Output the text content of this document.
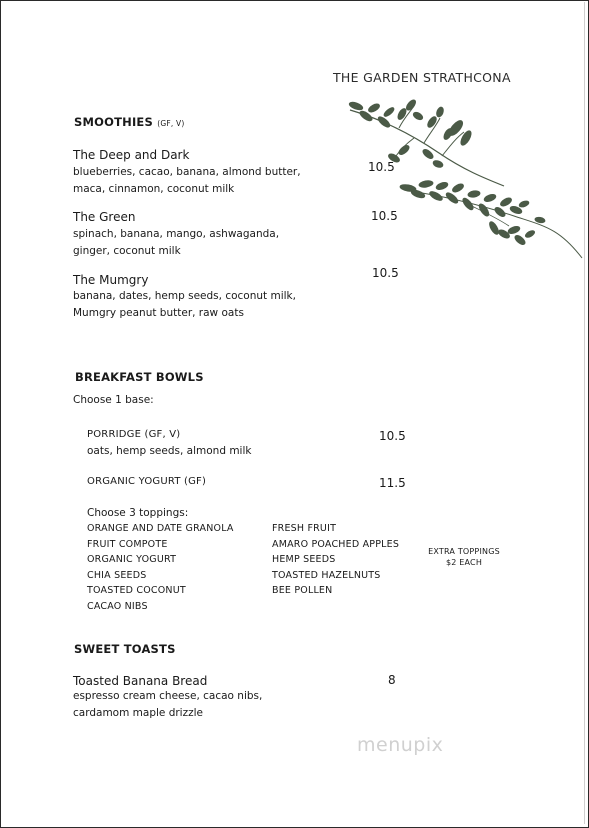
THE GARDEN STRATHCONA
SMOOTHIES (GF, V)
The Deep and Dark
blueberries, cacao, banana, almond butter, maca, cinnamon, coconut milk
10.5
The Green
spinach, banana, mango, ashwaganda, ginger, coconut milk
10.5
The Mumgry
banana, dates, hemp seeds, coconut milk, Mumgry peanut butter, raw oats
10.5
BREAKFAST BOWLS
Choose 1 base:
PORRIDGE (GF, V)
oats, hemp seeds, almond milk
10.5
ORGANIC YOGURT (GF)	11.5
Choose 3 toppings:
ORANGE AND DATE GRANOLA
FRUIT COMPOTE
ORGANIC YOGURT
CHIA SEEDS
TOASTED COCONUT
CACAO NIBS
FRESH FRUIT
AMARO POACHED APPLES
HEMP SEEDS
TOASTED HAZELNUTS
BEE POLLEN
EXTRA TOPPINGS
$2 EACH
SWEET TOASTS
Toasted Banana Bread
espresso cream cheese, cacao nibs, cardamom maple drizzle
8
menupix
